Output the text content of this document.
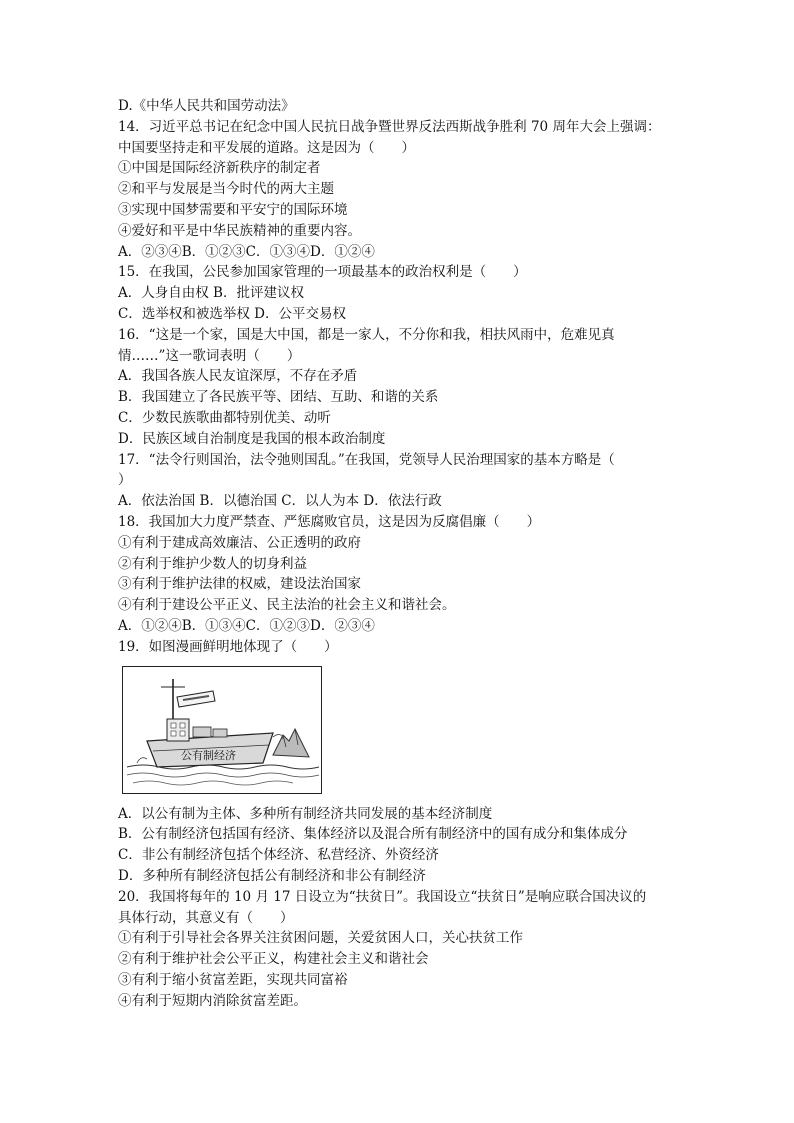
D.《中华人民共和国劳动法》
14．习近平总书记在纪念中国人民抗日战争暨世界反法西斯战争胜利 70 周年大会上强调：
中国要坚持走和平发展的道路。这是因为（　　）
①中国是国际经济新秩序的制定者
②和平与发展是当今时代的两大主题
③实现中国梦需要和平安宁的国际环境
④爱好和平是中华民族精神的重要内容。
A．②③④B．①②③C．①③④D．①②④
15．在我国，公民参加国家管理的一项最基本的政治权利是（　　）
A．人身自由权 B．批评建议权
C．选举权和被选举权 D．公平交易权
16．“这是一个家，国是大中国，都是一家人，不分你和我，相扶风雨中，危难见真
情……”这一歌词表明（　　）
A．我国各族人民友谊深厚，不存在矛盾
B．我国建立了各民族平等、团结、互助、和谐的关系
C．少数民族歌曲都特别优美、动听
D．民族区域自治制度是我国的根本政治制度
17．“法令行则国治，法令弛则国乱。”在我国，党领导人民治理国家的基本方略是（
）
A．依法治国 B．以德治国 C．以人为本 D．依法行政
18．我国加大力度严禁查、严惩腐败官员，这是因为反腐倡廉（　　）
①有利于建成高效廉洁、公正透明的政府
②有利于维护少数人的切身利益
③有利于维护法律的权威，建设法治国家
④有利于建设公平正义、民主法治的社会主义和谐社会。
A．①②④B．①③④C．①②③D．②③④
19．如图漫画鲜明地体现了（　　）
公有制经济
A．以公有制为主体、多种所有制经济共同发展的基本经济制度
B．公有制经济包括国有经济、集体经济以及混合所有制经济中的国有成分和集体成分
C．非公有制经济包括个体经济、私营经济、外资经济
D．多种所有制经济包括公有制经济和非公有制经济
20．我国将每年的 10 月 17 日设立为“扶贫日”。我国设立“扶贫日”是响应联合国决议的
具体行动，其意义有（　　）
①有利于引导社会各界关注贫困问题，关爱贫困人口，关心扶贫工作
②有利于维护社会公平正义，构建社会主义和谐社会
③有利于缩小贫富差距，实现共同富裕
④有利于短期内消除贫富差距。
